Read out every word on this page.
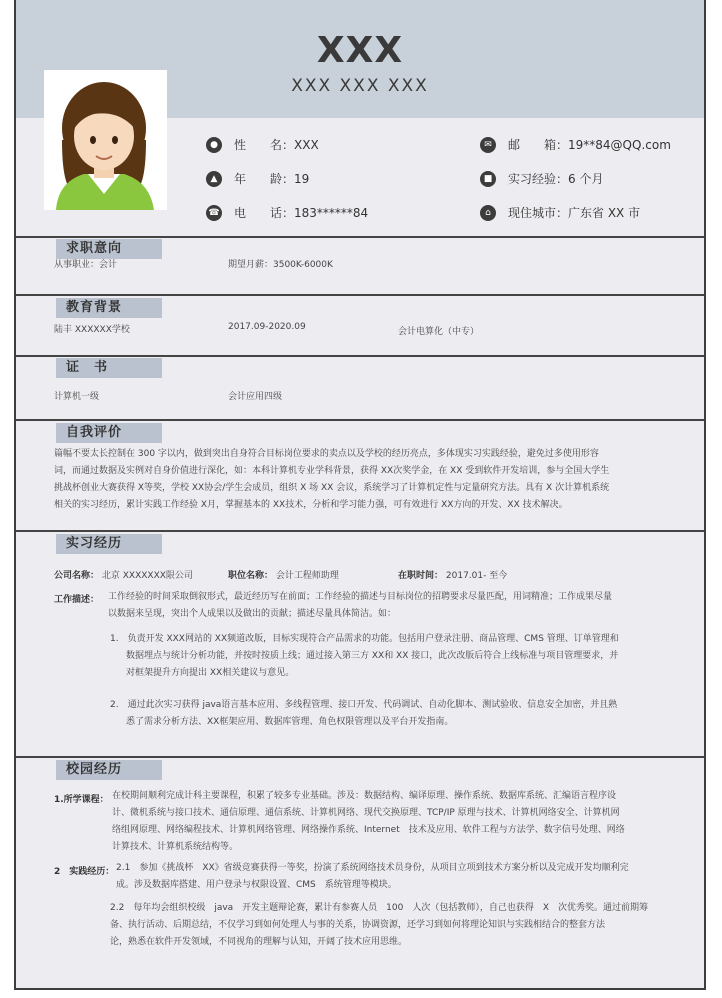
XXX
XXX XXX XXX
●	性　　名： XXX
▲	年　　龄： 19
☎ 电　　话： 183******84
✉	邮　　箱： 19**84@QQ.com
■	实习经验： 6 个月
⌂	现住城市： 广东省 XX 市
求职意向
从事职业：会计	期望月薪：3500K-6000K
教育背景
陆丰 XXXXXX学校	2017.09-2020.09	会计电算化（中专）
证　书
计算机一级	会计应用四级
自我评价
篇幅不要太长控制在 300 字以内，做到突出自身符合目标岗位要求的卖点以及学校的经历亮点，多体现实习实践经验，避免过多使用形容
词，而通过数据及实例对自身价值进行深化，如：本科计算机专业学科背景，获得 XX次奖学金，在 XX 受到软件开发培训，参与全国大学生
挑战杯创业大赛获得 X等奖，学校 XX协会/学生会成员，组织 X 场 XX 会议，系统学习了计算机定性与定量研究方法。具有 X 次计算机系统
相关的实习经历，累计实践工作经验 X月，掌握基本的 XX技术，分析和学习能力强，可有效进行 XX方向的开发、XX 技术解决。
实习经历
公司名称： 北京 XXXXXXX限公司	职位名称： 会计工程师助理	在职时间： 2017.01- 至今
工作描述： 工作经验的时间采取倒叙形式，最近经历写在前面；工作经验的描述与目标岗位的招聘要求尽量匹配，用词精准；工作成果尽量
以数据来呈现，突出个人成果以及做出的贡献；描述尽量具体简洁。如：
1.　负责开发 XXX网站的 XX频道改版，目标实现符合产品需求的功能。包括用户登录注册、商品管理、CMS 管理、订单管理和
数据埋点与统计分析功能，并按时按质上线；通过接入第三方 XX和 XX 接口，此次改版后符合上线标准与项目管理要求，并
对框架提升方向提出 XX相关建议与意见。
2.　通过此次实习获得 java语言基本应用、多线程管理、接口开发、代码调试、自动化脚本、测试验收、信息安全加密，并且熟
悉了需求分析方法、XX框架应用、数据库管理、角色权限管理以及平台开发指南。
校园经历
1.所学课程： 在校期间顺利完成计科主要课程，积累了较多专业基础。涉及：数据结构、编译原理、操作系统、数据库系统、汇编语言程序设
计、微机系统与接口技术、通信原理、通信系统、计算机网络、现代交换原理、TCP/IP 原理与技术、计算机网络安全、计算机网
络组网原理、网络编程技术、计算机网络管理、网络操作系统、Internet　技术及应用、软件工程与方法学、数字信号处理、网络
计算技术、计算机系统结构等。
2　实践经历： 2.1　参加《挑战杯　XX》省级竞赛获得一等奖，扮演了系统网络技术员身份，从项目立项到技术方案分析以及完成开发均顺利完
成。涉及数据库搭建、用户登录与权限设置、CMS　系统管理等模块。
2.2　每年均会组织校级　java　开发主题辩论赛，累计有参赛人员　100　人次（包括教师），自己也获得　X　次优秀奖。通过前期筹
备、执行活动、后期总结，不仅学习到如何处理人与事的关系，协调资源，还学习到如何将理论知识与实践相结合的整套方法
论，熟悉在软件开发领域，不同视角的理解与认知，开阔了技术应用思维。
